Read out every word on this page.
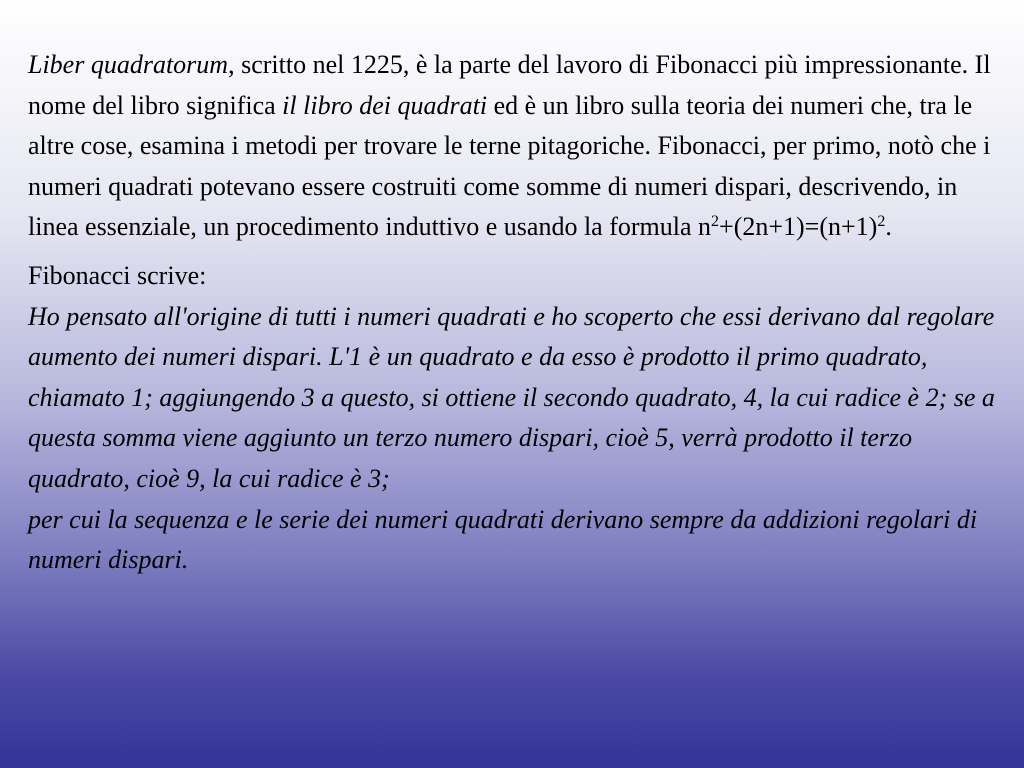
Liber quadratorum, scritto nel 1225, è la parte del lavoro di Fibonacci più impressionante. Il nome del libro significa il libro dei quadrati ed è un libro sulla teoria dei numeri che, tra le altre cose, esamina i metodi per trovare le terne pitagoriche. Fibonacci, per primo, notò che i numeri quadrati potevano essere costruiti come somme di numeri dispari, descrivendo, in linea essenziale, un procedimento induttivo e usando la formula $n^2+(2n+1)=(n+1)^2$.

Fibonacci scrive:

Ho pensato all'origine di tutti i numeri quadrati e ho scoperto che essi derivano dal regolare aumento dei numeri dispari. L'1 è un quadrato e da esso è prodotto il primo quadrato, chiamato 1; aggiungendo 3 a questo, si ottiene il secondo quadrato, 4, la cui radice è 2; se a questa somma viene aggiunto un terzo numero dispari, cioè 5, verrà prodotto il terzo quadrato, cioè 9, la cui radice è 3;

per cui la sequenza e le serie dei numeri quadrati derivano sempre da addizioni regolari di numeri dispari.
